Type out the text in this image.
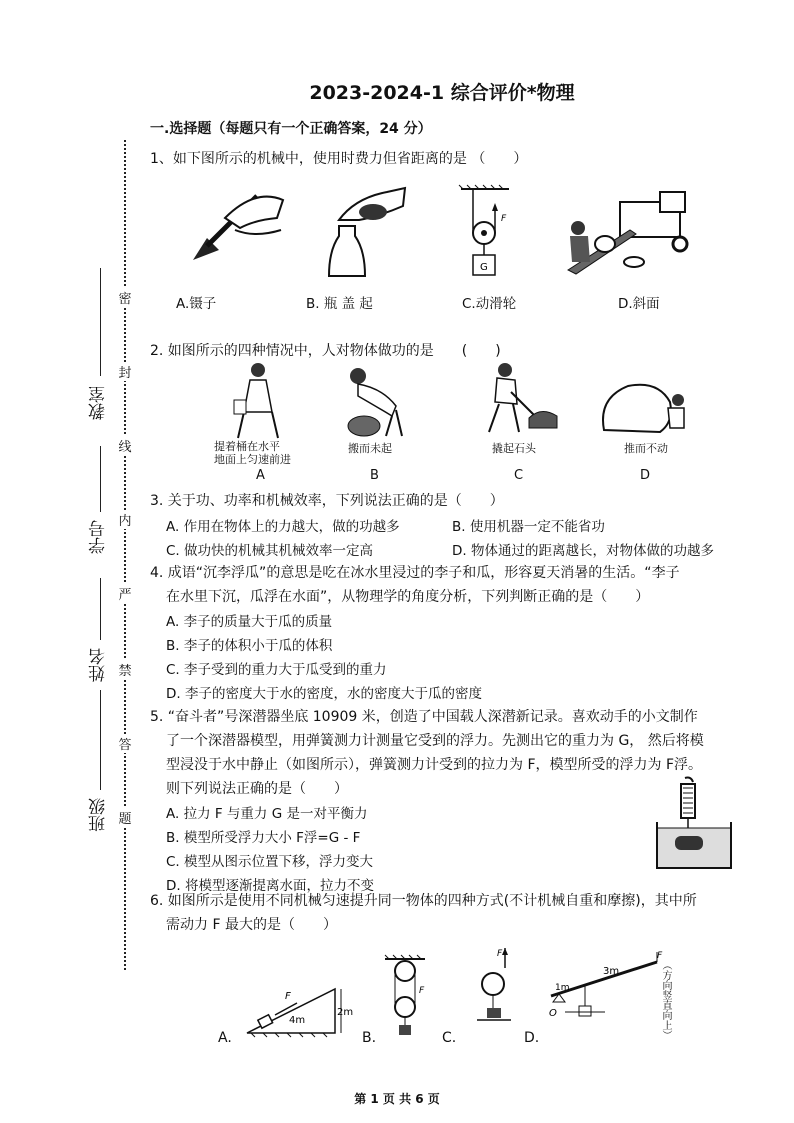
2023-2024-1 综合评价*物理
一.选择题（每题只有一个正确答案，24 分）
密
封
线
内
严
禁
答
题
教室
学号
姓名
班级
1、如下图所示的机械中，使用时费力但省距离的是 （　　）
F
G
A.镊子	B. 瓶 盖 起	C.动滑轮	D.斜面
2. 如图所示的四种情况中，人对物体做功的是　　(　　)
提着桶在水平
地面上匀速前进
搬而未起	撬起石头	推而不动
A	B	C	D
3. 关于功、功率和机械效率，下列说法正确的是（　　）
A. 作用在物体上的力越大，做的功越多	B. 使用机器一定不能省功
C. 做功快的机械其机械效率一定高	D. 物体通过的距离越长，对物体做的功越多
4. 成语“沉李浮瓜”的意思是吃在冰水里浸过的李子和瓜，形容夏天消暑的生活。“李子
在水里下沉，瓜浮在水面”，从物理学的角度分析，下列判断正确的是（　　）
A. 李子的质量大于瓜的质量
B. 李子的体积小于瓜的体积
C. 李子受到的重力大于瓜受到的重力
D. 李子的密度大于水的密度，水的密度大于瓜的密度
5. “奋斗者”号深潜器坐底 10909 米，创造了中国载人深潜新记录。喜欢动手的小文制作
了一个深潜器模型，用弹簧测力计测量它受到的浮力。先测出它的重力为 G， 然后将模
型浸没于水中静止（如图所示），弹簧测力计受到的拉力为 F，模型所受的浮力为 F浮。
则下列说法正确的是（　　）
A. 拉力 F 与重力 G 是一对平衡力
B. 模型所受浮力大小 F浮=G - F
C. 模型从图示位置下移，浮力变大
D. 将模型逐渐提离水面，拉力不变
6. 如图所示是使用不同机械匀速提升同一物体的四种方式(不计机械自重和摩擦)，其中所
需动力 F 最大的是（　　）
F
4m
2m
F
F	F
O
1m
3m	（方向竖直向上）
A.	B.	C.	D.
第 1 页 共 6 页
